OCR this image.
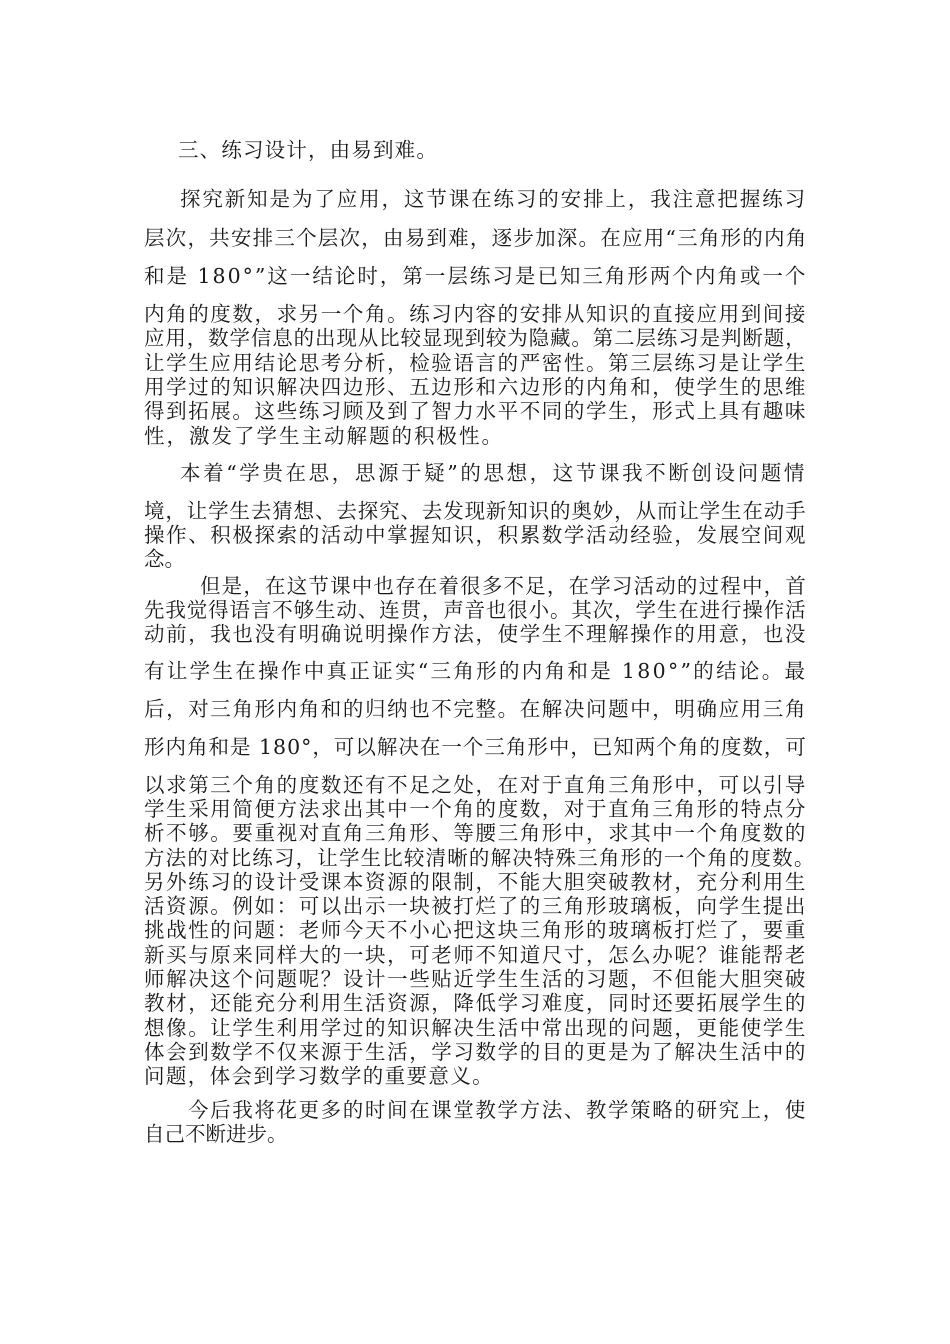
三、练习设计，由易到难。

探究新知是为了应用，这节课在练习的安排上，我注意把握练习

层次，共安排三个层次，由易到难，逐步加深。在应用“三角形的内角

和是 180°”这一结论时，第一层练习是已知三角形两个内角或一个

内角的度数，求另一个角。练习内容的安排从知识的直接应用到间接

应用，数学信息的出现从比较显现到较为隐藏。第二层练习是判断题，

让学生应用结论思考分析，检验语言的严密性。第三层练习是让学生

用学过的知识解决四边形、五边形和六边形的内角和，使学生的思维

得到拓展。这些练习顾及到了智力水平不同的学生，形式上具有趣味

性，激发了学生主动解题的积极性。

本着“学贵在思，思源于疑”的思想，这节课我不断创设问题情

境，让学生去猜想、去探究、去发现新知识的奥妙，从而让学生在动手

操作、积极探索的活动中掌握知识，积累数学活动经验，发展空间观

念。

但是，在这节课中也存在着很多不足，在学习活动的过程中，首

先我觉得语言不够生动、连贯，声音也很小。其次，学生在进行操作活

动前，我也没有明确说明操作方法，使学生不理解操作的用意，也没

有让学生在操作中真正证实“三角形的内角和是 180°”的结论。最

后，对三角形内角和的归纳也不完整。在解决问题中，明确应用三角

形内角和是 180°，可以解决在一个三角形中，已知两个角的度数，可

以求第三个角的度数还有不足之处，在对于直角三角形中，可以引导

学生采用简便方法求出其中一个角的度数，对于直角三角形的特点分

析不够。要重视对直角三角形、等腰三角形中，求其中一个角度数的

方法的对比练习，让学生比较清晰的解决特殊三角形的一个角的度数。

另外练习的设计受课本资源的限制，不能大胆突破教材，充分利用生

活资源。例如：可以出示一块被打烂了的三角形玻璃板，向学生提出

挑战性的问题：老师今天不小心把这块三角形的玻璃板打烂了，要重

新买与原来同样大的一块，可老师不知道尺寸，怎么办呢？谁能帮老

师解决这个问题呢？设计一些贴近学生生活的习题，不但能大胆突破

教材，还能充分利用生活资源，降低学习难度，同时还要拓展学生的

想像。让学生利用学过的知识解决生活中常出现的问题，更能使学生

体会到数学不仅来源于生活，学习数学的目的更是为了解决生活中的

问题，体会到学习数学的重要意义。

今后我将花更多的时间在课堂教学方法、教学策略的研究上，使

自己不断进步。
